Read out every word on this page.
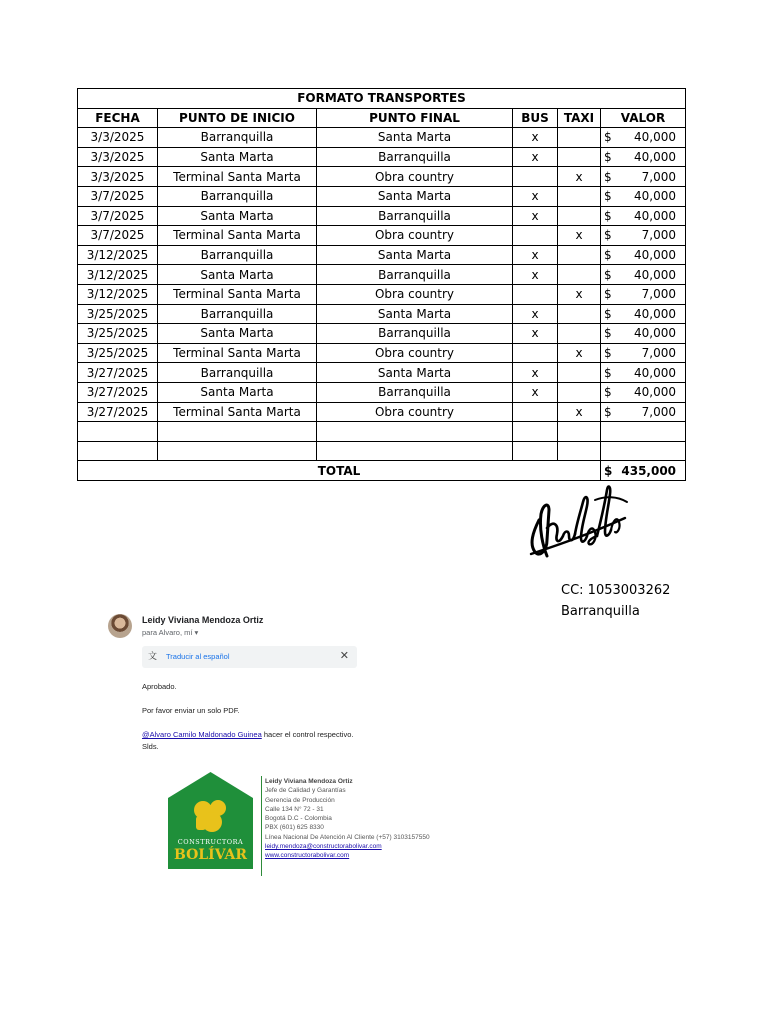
FORMATO TRANSPORTES					
FECHA	PUNTO DE INICIO	PUNTO FINAL	BUS	TAXI	VALOR
3/3/2025	Barranquilla	Santa Marta	x		$ 40,000

3/3/2025	Santa Marta	Barranquilla	x		$ 40,000

3/3/2025	Terminal Santa Marta	Obra country		x	$ 7,000

3/7/2025	Barranquilla	Santa Marta	x		$ 40,000

3/7/2025	Santa Marta	Barranquilla	x		$ 40,000

3/7/2025	Terminal Santa Marta	Obra country		x	$ 7,000

3/12/2025	Barranquilla	Santa Marta	x		$ 40,000

3/12/2025	Santa Marta	Barranquilla	x		$ 40,000

3/12/2025	Terminal Santa Marta	Obra country		x	$ 7,000

3/25/2025	Barranquilla	Santa Marta	x		$ 40,000

3/25/2025	Santa Marta	Barranquilla	x		$ 40,000

3/25/2025	Terminal Santa Marta	Obra country		x	$ 7,000

3/27/2025	Barranquilla	Santa Marta	x		$ 40,000

3/27/2025	Santa Marta	Barranquilla	x		$ 40,000

3/27/2025	Terminal Santa Marta	Obra country		x	$ 7,000

TOTAL					$ 435,000
CC: 1053003262
Barranquilla
Leidy Viviana Mendoza Ortiz
para Alvaro, mí ▾
文 Traducir al español	✕
Aprobado.
Por favor enviar un solo PDF.
@Alvaro Camilo Maldonado Guinea hacer el control respectivo.
Slds.
CONSTRUCTORA
BOLÍVAR
Leidy Viviana Mendoza Ortiz
Jefe de Calidad y Garantías
Gerencia de Producción
Calle 134 N° 72 - 31
Bogotá D.C - Colombia
PBX (601) 625 8330
Línea Nacional De Atención Al Cliente (+57) 3103157550
leidy.mendoza@constructorabolivar.com
www.constructorabolivar.com
